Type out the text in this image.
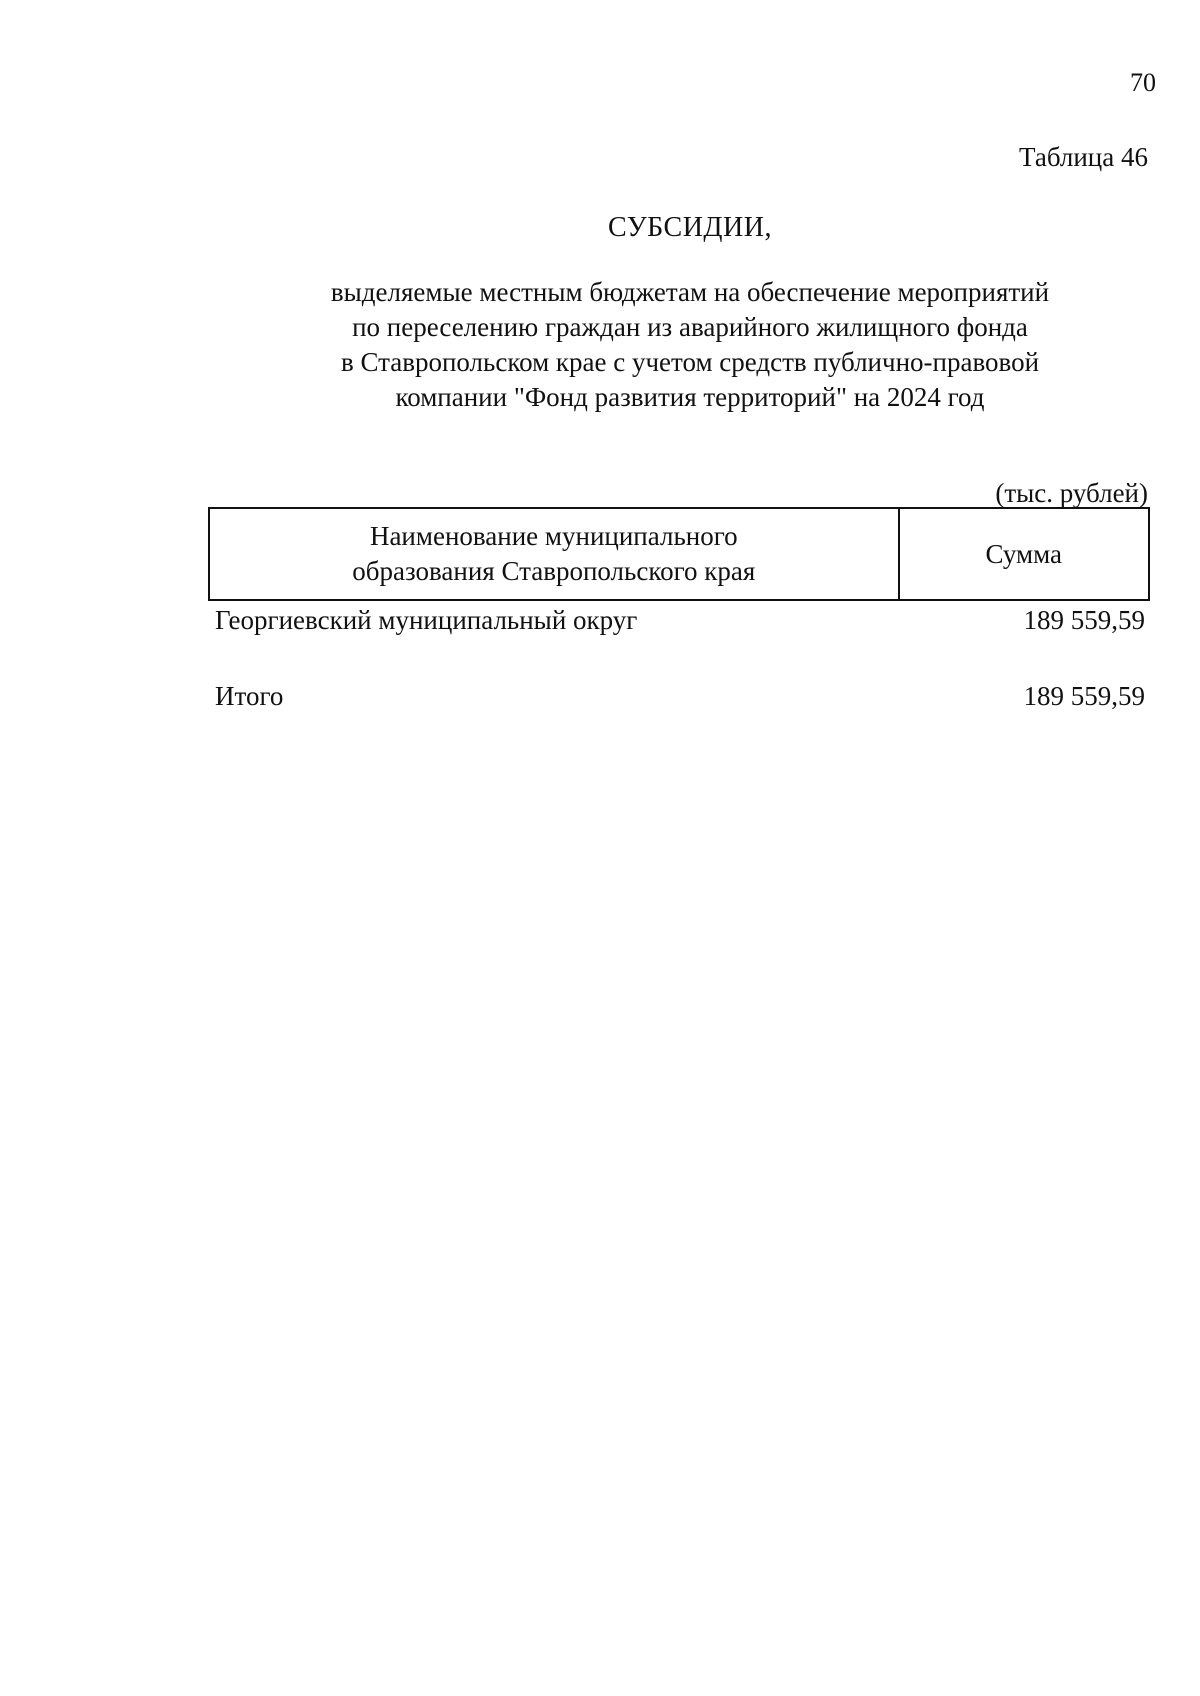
70
Таблица 46
СУБСИДИИ,

выделяемые местным бюджетам на обеспечение мероприятий
по переселению граждан из аварийного жилищного фонда
в Ставропольском крае с учетом средств публично-правовой
компании "Фонд развития территорий" на 2024 год

(тыс. рублей)
Наименование муниципального образования Ставропольского края	Сумма
Георгиевский муниципальный округ	189 559,59
Итого	189 559,59
